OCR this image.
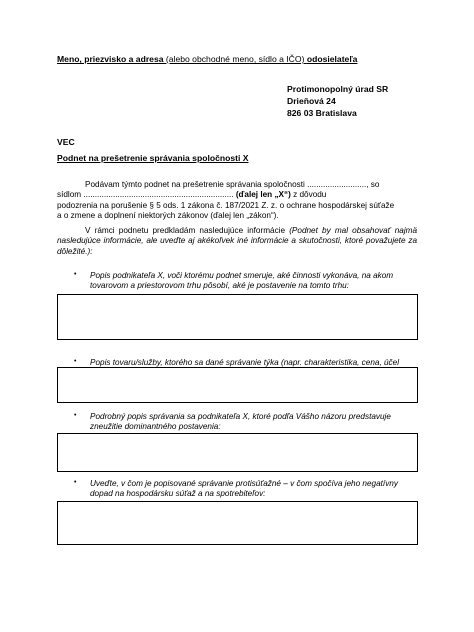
Meno, priezvisko a adresa (alebo obchodné meno, sídlo a IČO) odosielateľa
Protimonopolný úrad SR
Drieňová 24
826 03 Bratislava
VEC
Podnet na prešetrenie správania spoločnosti X
Podávam týmto podnet na prešetrenie správania spoločnosti .........................., so
sídlom .................................................................. (ďalej len „X“) z dôvodu
podozrenia na porušenie § 5 ods. 1 zákona č. 187/2021 Z. z. o ochrane hospodárskej súťaže
a o zmene a doplnení niektorých zákonov (ďalej len „zákon“).
V rámci podnetu predkladám nasledujúce informácie (Podnet by mal obsahovať najmä nasledujúce informácie, ale uveďte aj akékoľvek iné informácie a skutočnosti, ktoré považujete za dôležité.):
• Popis podnikateľa X, voči ktorému podnet smeruje, aké činnosti vykonáva, na akom tovarovom a priestorovom trhu pôsobí, aké je postavenie na tomto trhu:
• Popis tovaru/služby, ktorého sa dané správanie týka (napr. charakteristika, cena, účel
• Podrobný popis správania sa podnikateľa X, ktoré podľa Vášho názoru predstavuje zneužitie dominantného postavenia:
• Uveďte, v čom je popisované správanie protisúťažné – v čom spočíva jeho negatívny dopad na hospodársku súťaž a na spotrebiteľov:
